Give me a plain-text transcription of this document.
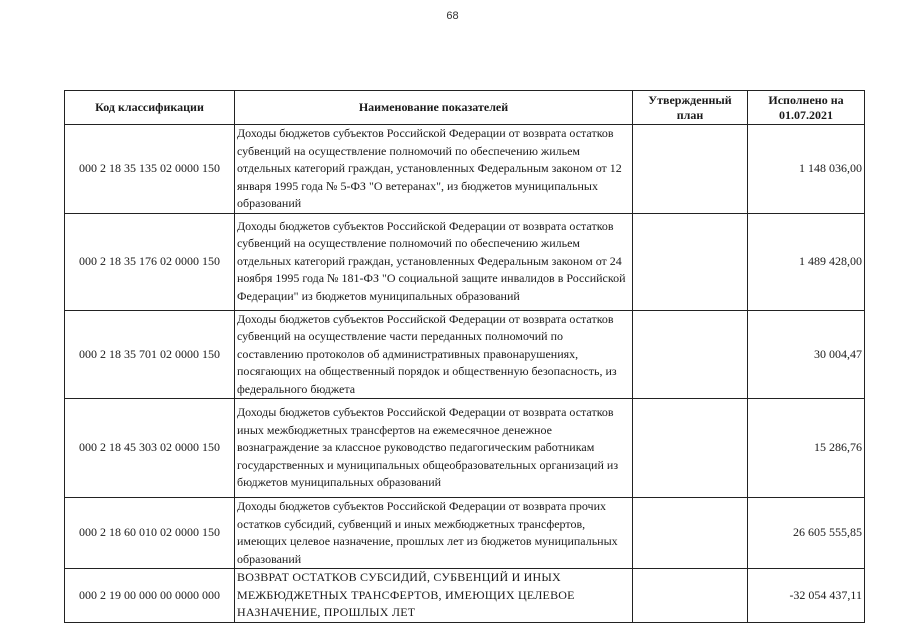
68
Код классификации	Наименование показателей	Утвержденный план	Исполнено на 01.07.2021
000 2 18 35 135 02 0000 150	Доходы бюджетов субъектов Российской Федерации от возврата остатков субвенций на осуществление полномочий по обеспечению жильем отдельных категорий граждан, установленных Федеральным законом от 12 января 1995 года № 5-ФЗ "О ветеранах", из бюджетов муниципальных образований		1 148 036,00
000 2 18 35 176 02 0000 150	Доходы бюджетов субъектов Российской Федерации от возврата остатков субвенций на осуществление полномочий по обеспечению жильем отдельных категорий граждан, установленных Федеральным законом от 24 ноября 1995 года № 181-ФЗ "О социальной защите инвалидов в Российской Федерации" из бюджетов муниципальных образований		1 489 428,00
000 2 18 35 701 02 0000 150	Доходы бюджетов субъектов Российской Федерации от возврата остатков субвенций на осуществление части переданных полномочий по составлению протоколов об административных правонарушениях, посягающих на общественный порядок и общественную безопасность, из федерального бюджета		30 004,47
000 2 18 45 303 02 0000 150	Доходы бюджетов субъектов Российской Федерации от возврата остатков иных межбюджетных трансфертов на ежемесячное денежное вознаграждение за классное руководство педагогическим работникам государственных и муниципальных общеобразовательных организаций из бюджетов муниципальных образований		15 286,76
000 2 18 60 010 02 0000 150	Доходы бюджетов субъектов Российской Федерации от возврата прочих остатков субсидий, субвенций и иных межбюджетных трансфертов, имеющих целевое назначение, прошлых лет из бюджетов муниципальных образований		26 605 555,85
000 2 19 00 000 00 0000 000	ВОЗВРАТ ОСТАТКОВ СУБСИДИЙ, СУБВЕНЦИЙ И ИНЫХ МЕЖБЮДЖЕТНЫХ ТРАНСФЕРТОВ, ИМЕЮЩИХ ЦЕЛЕВОЕ НАЗНАЧЕНИЕ, ПРОШЛЫХ ЛЕТ		-32 054 437,11
